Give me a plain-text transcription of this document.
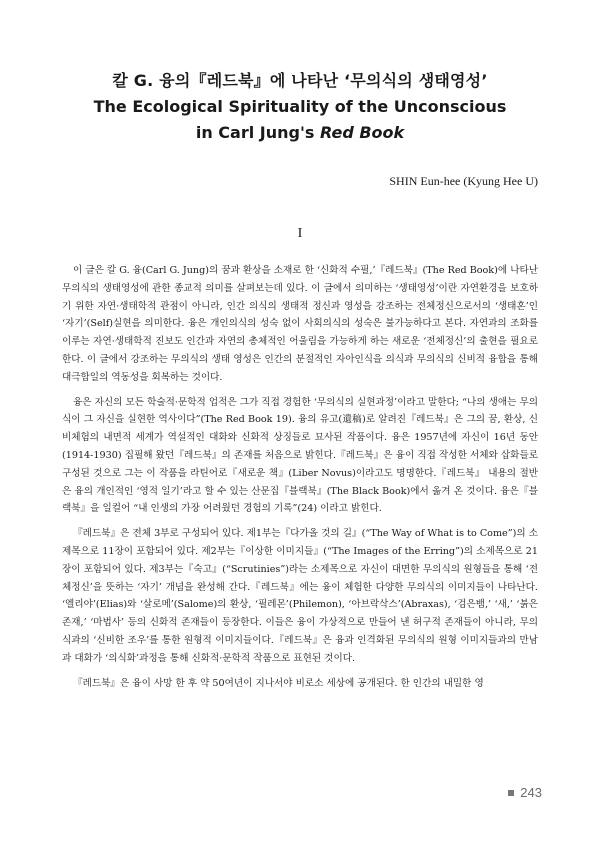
칼 G. 융의『레드북』에 나타난 ‘무의식의 생태영성’
The Ecological Spirituality of the Unconscious
in Carl Jung's Red Book
SHIN Eun-hee (Kyung Hee U)
I

이 글은 칼 G. 융(Carl G. Jung)의 꿈과 환상을 소재로 한 ‘신화적 수필,’『레드북』(The Red Book)에 나타난 무의식의 생태영성에 관한 종교적 의미를 살펴보는데 있다. 이 글에서 의미하는 ‘생태영성’이란 자연환경을 보호하기 위한 자연·생태학적 관점이 아니라, 인간 의식의 생태적 정신과 영성을 강조하는 전체정신으로서의 ‘생태혼’인 ‘자기’(Self)실현을 의미한다. 융은 개인의식의 성숙 없이 사회의식의 성숙은 불가능하다고 본다. 자연과의 조화를 이루는 자연·생태학적 진보도 인간과 자연의 총체적인 어울림을 가능하게 하는 새로운 ‘전체정신’의 출현을 필요로 한다. 이 글에서 강조하는 무의식의 생태 영성은 인간의 분절적인 자아인식을 의식과 무의식의 신비적 융합을 통해 대극합일의 역동성을 회복하는 것이다.

융은 자신의 모든 학술적·문학적 업적은 그가 직접 경험한 ‘무의식의 실현과정’이라고 말한다; “나의 생애는 무의식이 그 자신을 실현한 역사이다”(The Red Book 19). 융의 유고(遺稿)로 알려진『레드북』은 그의 꿈, 환상, 신비체험의 내면적 세계가 역설적인 대화와 신화적 상징들로 묘사된 작품이다. 융은 1957년에 자신이 16년 동안(1914-1930) 집필해 왔던『레드북』의 존재를 처음으로 밝힌다.『레드북』은 융이 직접 작성한 서체와 삽화들로 구성된 것으로 그는 이 작품을 라틴어로『새로운 책』(Liber Novus)이라고도 명명한다.『레드북』 내용의 절반은 융의 개인적인 ‘영적 일기’라고 할 수 있는 산문집『블랙북』(The Black Book)에서 옮겨 온 것이다. 융은『블랙북』을 일컬어 “내 인생의 가장 어려웠던 경험의 기록”(24) 이라고 밝힌다.

『레드북』은 전체 3부로 구성되어 있다. 제1부는『다가올 것의 길』(“The Way of What is to Come”)의 소제목으로 11장이 포함되어 있다. 제2부는『이상한 이미지들』(“The Images of the Erring”)의 소제목으로 21장이 포함되어 있다. 제3부는『숙고』(“Scrutinies”)라는 소제목으로 자신이 대면한 무의식의 원형들을 통해 ‘전체정신’을 뜻하는 ‘자기’ 개념을 완성해 간다.『레드북』에는 융이 체험한 다양한 무의식의 이미지들이 나타난다. ‘엘리야’(Elias)와 ‘살로메’(Salome)의 환상, ‘필레몬’(Philemon), ‘아브락삭스’(Abraxas), ‘검은뱀,’ ‘새,’ ‘붉은 존재,’ ‘마법사’ 등의 신화적 존재들이 등장한다. 이들은 융이 가상적으로 만들어 낸 허구적 존재들이 아니라, 무의식과의 ‘신비한 조우’를 통한 원형적 이미지들이다.『레드북』은 융과 인격화된 무의식의 원형 이미지들과의 만남과 대화가 ‘의식화’과정을 통해 신화적·문학적 작품으로 표현된 것이다.

『레드북』은 융이 사망 한 후 약 50여년이 지나서야 비로소 세상에 공개된다. 한 인간의 내밀한 영

243
